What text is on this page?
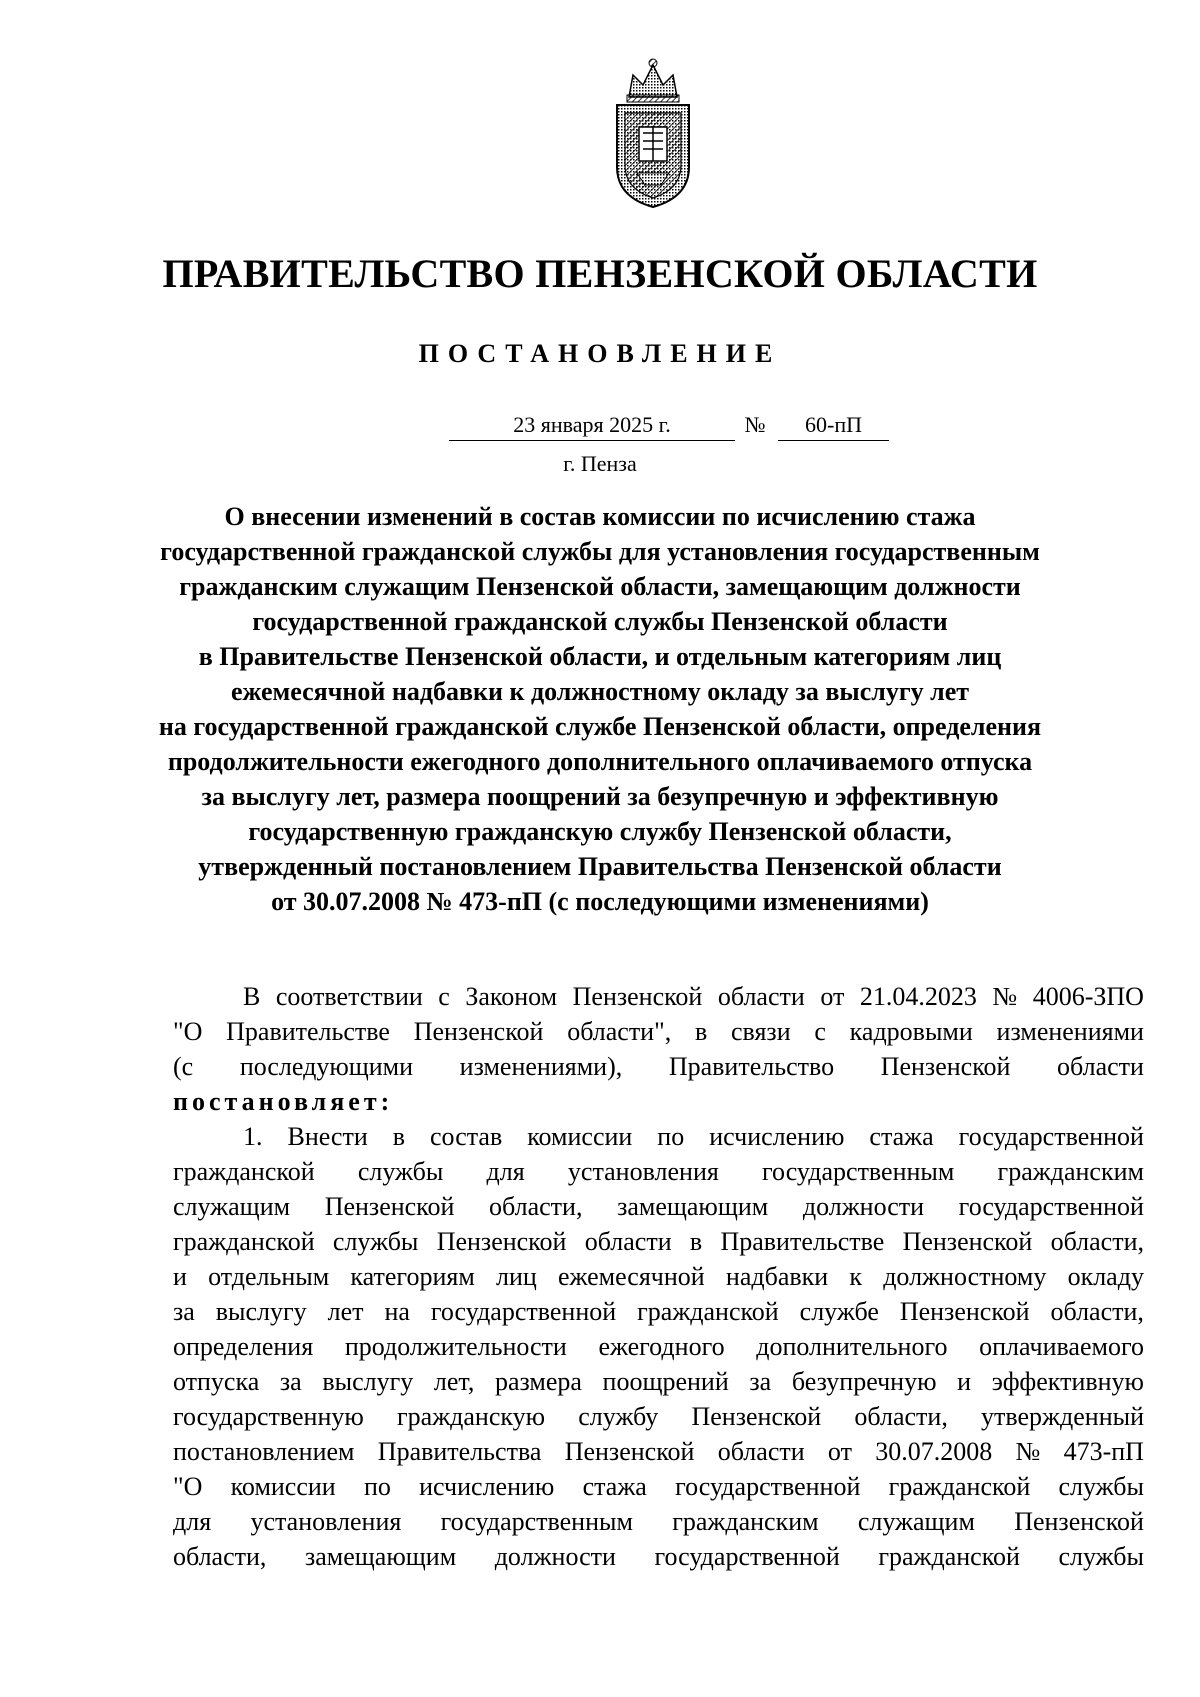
ПРАВИТЕЛЬСТВО ПЕНЗЕНСКОЙ ОБЛАСТИ
ПОСТАНОВЛЕНИЕ
23 января 2025 г.	№	60-пП
г. Пенза
О внесении изменений в состав комиссии по исчислению стажа
государственной гражданской службы для установления государственным
гражданским служащим Пензенской области, замещающим должности
государственной гражданской службы Пензенской области
в Правительстве Пензенской области, и отдельным категориям лиц
ежемесячной надбавки к должностному окладу за выслугу лет
на государственной гражданской службе Пензенской области, определения
продолжительности ежегодного дополнительного оплачиваемого отпуска
за выслугу лет, размера поощрений за безупречную и эффективную
государственную гражданскую службу Пензенской области,
утвержденный постановлением Правительства Пензенской области
от 30.07.2008 № 473-пП (с последующими изменениями)
В соответствии с Законом Пензенской области от 21.04.2023 № 4006-ЗПО
"О Правительстве Пензенской области", в связи с кадровыми изменениями
(с последующими изменениями), Правительство Пензенской области
постановляет:
1. Внести в состав комиссии по исчислению стажа государственной
гражданской службы для установления государственным гражданским
служащим Пензенской области, замещающим должности государственной
гражданской службы Пензенской области в Правительстве Пензенской области,
и отдельным категориям лиц ежемесячной надбавки к должностному окладу
за выслугу лет на государственной гражданской службе Пензенской области,
определения продолжительности ежегодного дополнительного оплачиваемого
отпуска за выслугу лет, размера поощрений за безупречную и эффективную
государственную гражданскую службу Пензенской области, утвержденный
постановлением Правительства Пензенской области от 30.07.2008 № 473-пП
"О комиссии по исчислению стажа государственной гражданской службы
для установления государственным гражданским служащим Пензенской
области, замещающим должности государственной гражданской службы
